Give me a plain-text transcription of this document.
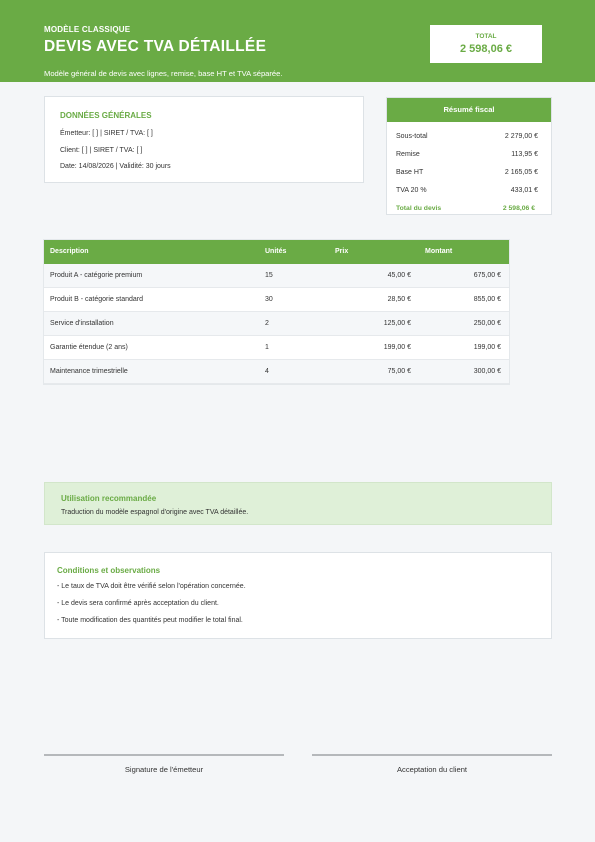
MODÈLE CLASSIQUE
DEVIS AVEC TVA DÉTAILLÉE
Modèle général de devis avec lignes, remise, base HT et TVA séparée.
TOTAL
2 598,06 €
DONNÉES GÉNÉRALES
Émetteur: [ ] | SIRET / TVA: [ ]
Client: [ ] | SIRET / TVA: [ ]
Date: 14/08/2026 | Validité: 30 jours
Résumé fiscal
Sous-total	2 279,00 €
Remise	113,95 €
Base HT	2 165,05 €
TVA 20 %	433,01 €
Total du devis	2 598,06 €
Description	Unités	Prix	Montant
Produit A - catégorie premium	15	45,00 €	675,00 €
Produit B - catégorie standard	30	28,50 €	855,00 €
Service d'installation	2	125,00 €	250,00 €
Garantie étendue (2 ans)	1	199,00 €	199,00 €
Maintenance trimestrielle	4	75,00 €	300,00 €
Utilisation recommandée
Traduction du modèle espagnol d'origine avec TVA détaillée.
Conditions et observations
- Le taux de TVA doit être vérifié selon l'opération concernée.
- Le devis sera confirmé après acceptation du client.
- Toute modification des quantités peut modifier le total final.
Signature de l'émetteur	Acceptation du client
